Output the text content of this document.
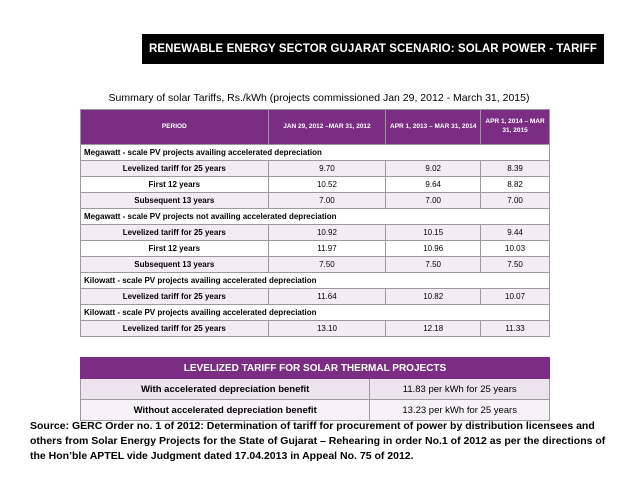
RENEWABLE ENERGY SECTOR GUJARAT SCENARIO: SOLAR POWER - TARIFF
Summary of solar Tariffs, Rs./kWh (projects commissioned Jan 29, 2012 - March 31, 2015)
PERIOD	JAN 29, 2012 –MAR 31, 2012	APR 1, 2013 – MAR 31, 2014	APR 1, 2014 – MAR 31, 2015
Megawatt - scale PV projects availing accelerated depreciation			
Levelized tariff for 25 years	9.70	9.02	8.39
First 12 years	10.52	9.64	8.82
Subsequent 13 years	7.00	7.00	7.00
Megawatt - scale PV projects not availing accelerated depreciation			
Levelized tariff for 25 years	10.92	10.15	9.44
First 12 years	11.97	10.96	10.03
Subsequent 13 years	7.50	7.50	7.50
Kilowatt - scale PV projects availing accelerated depreciation			
Levelized tariff for 25 years	11.64	10.82	10.07
Kilowatt - scale PV projects availing accelerated depreciation			
Levelized tariff for 25 years	13.10	12.18	11.33
LEVELIZED TARIFF FOR SOLAR THERMAL PROJECTS	
With accelerated depreciation benefit	11.83 per kWh for 25 years
Without accelerated depreciation benefit	13.23 per kWh for 25 years
Source: GERC Order no. 1 of 2012: Determination of tariff for procurement of power by distribution licensees and others from Solar Energy Projects for the State of Gujarat – Rehearing in order No.1 of 2012 as per the directions of the Hon’ble APTEL vide Judgment dated 17.04.2013 in Appeal No. 75 of 2012.
